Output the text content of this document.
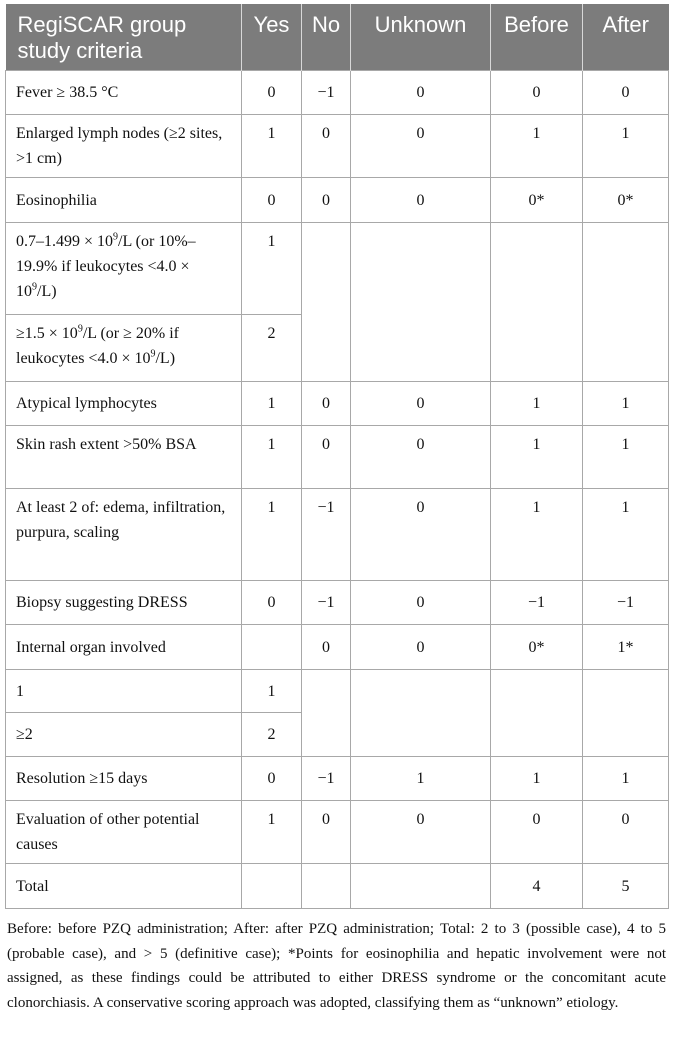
RegiSCAR group study criteria	Yes	No	Unknown	Before	After
Fever ≥ 38.5 °C	0	−1	0	0	0
Enlarged lymph nodes (≥2 sites, >1 cm)	1	0	0	1	1
Eosinophilia	0	0	0	0*	0*
$0.7-1.499 \times 10^9/L$ (or 10%–19.9% if leukocytes $<4.0 \times 10^9/L$)	1				
$\ge 1.5 \times 10^9/L$ (or ≥ 20% if leukocytes $<4.0 \times 10^9/L$)	2				
Atypical lymphocytes	1	0	0	1	1
Skin rash extent >50% BSA	1	0	0	1	1
At least 2 of: edema, infiltration, purpura, scaling	1	−1	0	1	1
Biopsy suggesting DRESS	0	−1	0	−1	−1
Internal organ involved		0	0	0*	1*
1	1				
≥2	2				
Resolution ≥15 days	0	−1	1	1	1
Evaluation of other potential causes	1	0	0	0	0
Total				4	5
Before: before PZQ administration; After: after PZQ administration; Total: 2 to 3 (possible case), 4 to 5 (probable case), and > 5 (definitive case); *Points for eosinophilia and hepatic involvement were not assigned, as these findings could be attributed to either DRESS syndrome or the concomitant acute clonorchiasis. A conservative scoring approach was adopted, classifying them as “unknown” etiology.
